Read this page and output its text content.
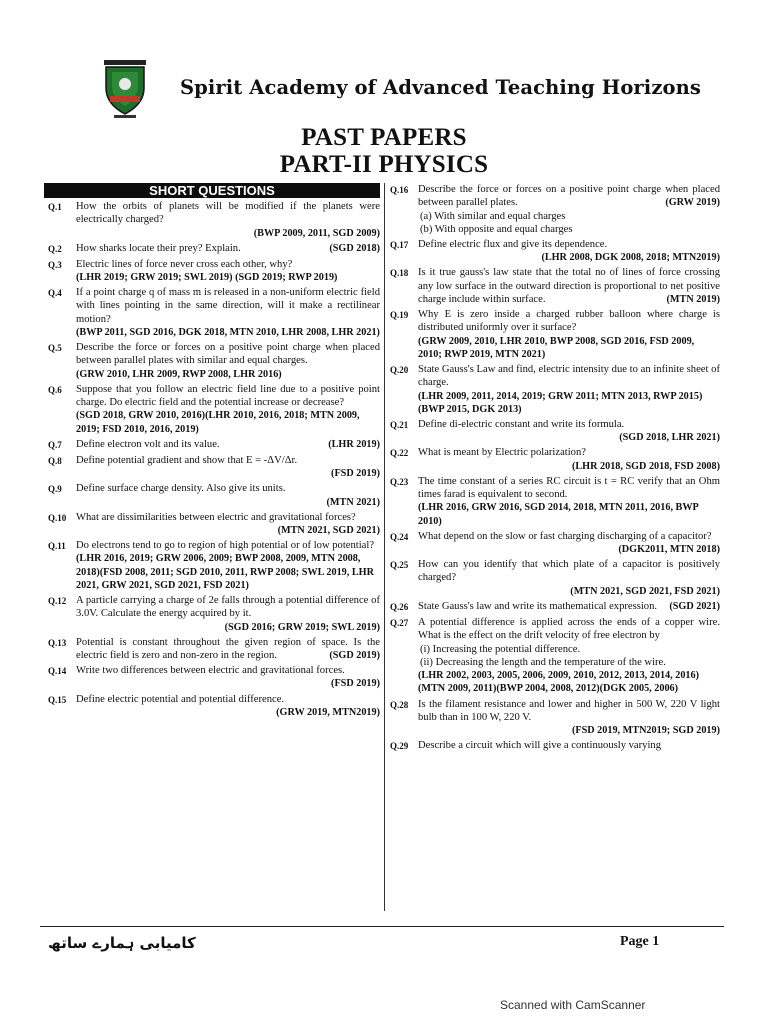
Spirit Academy of Advanced Teaching Horizons
PAST PAPERS
PART-II PHYSICS
SHORT QUESTIONS
Q.1	How the orbits of planets will be modified if the planets were electrically charged?
(BWP 2009, 2011, SGD 2009)
Q.2	How sharks locate their prey? Explain.	(SGD 2018)
Q.3	Electric lines of force never cross each other, why?
(LHR 2019; GRW 2019; SWL 2019) (SGD 2019; RWP 2019)
Q.4	If a point charge q of mass m is released in a non-uniform electric field with lines pointing in the same direction, will it make a rectilinear motion?
(BWP 2011, SGD 2016, DGK 2018, MTN 2010, LHR 2008, LHR 2021)
Q.5	Describe the force or forces on a positive point charge when placed between parallel plates with similar and equal charges.
(GRW 2010, LHR 2009, RWP 2008, LHR 2016)
Q.6	Suppose that you follow an electric field line due to a positive point charge. Do electric field and the potential increase or decrease?
(SGD 2018, GRW 2010, 2016)(LHR 2010, 2016, 2018; MTN 2009, 2019; FSD 2010, 2016, 2019)
Q.7	Define electron volt and its value.	(LHR 2019)
Q.8	Define potential gradient and show that E = -ΔV/Δr.
(FSD 2019)
Q.9	Define surface charge density. Also give its units.
(MTN 2021)
Q.10 What are dissimilarities between electric and gravitational forces?
(MTN 2021, SGD 2021)
Q.11 Do electrons tend to go to region of high potential or of low potential?
(LHR 2016, 2019; GRW 2006, 2009; BWP 2008, 2009, MTN 2008, 2018)(FSD 2008, 2011; SGD 2010, 2011, RWP 2008; SWL 2019, LHR 2021, GRW 2021, SGD 2021, FSD 2021)
Q.12 A particle carrying a charge of 2e falls through a potential difference of 3.0V. Calculate the energy acquired by it.
(SGD 2016; GRW 2019; SWL 2019)
Q.13 Potential is constant throughout the given region of space. Is the electric field is zero and non-zero in the region.	(SGD 2019)
Q.14 Write two differences between electric and gravitational forces.
(FSD 2019)
Q.15 Define electric potential and potential difference.
(GRW 2019, MTN2019)
Q.16 Describe the force or forces on a positive point charge when placed between parallel plates.	(GRW 2019)
(a) With similar and equal charges
(b) With opposite and equal charges
Q.17 Define electric flux and give its dependence.
(LHR 2008, DGK 2008, 2018; MTN2019)
Q.18 Is it true gauss's law state that the total no of lines of force crossing any low surface in the outward direction is proportional to net positive charge include within surface.	(MTN 2019)
Q.19 Why E is zero inside a charged rubber balloon where charge is distributed uniformly over it surface?
(GRW 2009, 2010, LHR 2010, BWP 2008, SGD 2016, FSD 2009, 2010; RWP 2019, MTN 2021)
Q.20 State Gauss's Law and find, electric intensity due to an infinite sheet of charge.
(LHR 2009, 2011, 2014, 2019; GRW 2011; MTN 2013, RWP 2015)(BWP 2015, DGK 2013)
Q.21 Define di-electric constant and write its formula.
(SGD 2018, LHR 2021)
Q.22 What is meant by Electric polarization?
(LHR 2018, SGD 2018, FSD 2008)
Q.23 The time constant of a series RC circuit is t = RC verify that an Ohm times farad is equivalent to second.
(LHR 2016, GRW 2016, SGD 2014, 2018, MTN 2011, 2016, BWP 2010)
Q.24 What depend on the slow or fast charging discharging of a capacitor?
(DGK2011, MTN 2018)
Q.25 How can you identify that which plate of a capacitor is positively charged?
(MTN 2021, SGD 2021, FSD 2021)
Q.26 State Gauss's law and write its mathematical expression. (SGD 2021)
Q.27 A potential difference is applied across the ends of a copper wire. What is the effect on the drift velocity of free electron by
(i) Increasing the potential difference.
(ii) Decreasing the length and the temperature of the wire.
(LHR 2002, 2003, 2005, 2006, 2009, 2010, 2012, 2013, 2014, 2016)(MTN 2009, 2011)(BWP 2004, 2008, 2012)(DGK 2005, 2006)
Q.28 Is the filament resistance and lower and higher in 500 W, 220 V light bulb than in 100 W, 220 V.
(FSD 2019, MTN2019; SGD 2019)
Q.29 Describe a circuit which will give a continuously varying
کامیابی ہمارے ساتھ	Page 1
Scanned with CamScanner
